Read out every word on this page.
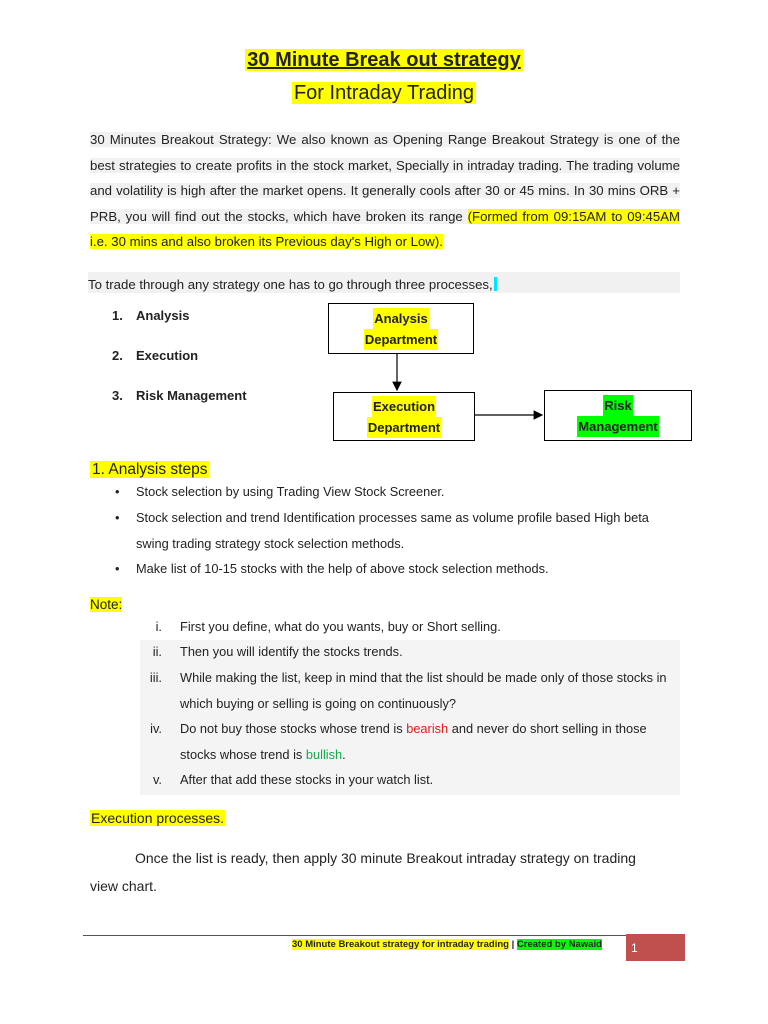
30 Minute Break out strategy
For Intraday Trading
30 Minutes Breakout Strategy: We also known as Opening Range Breakout Strategy is one of the best strategies to create profits in the stock market, Specially in intraday trading. The trading volume and volatility is high after the market opens. It generally cools after 30 or 45 mins. In 30 mins ORB + PRB, you will find out the stocks, which have broken its range (Formed from 09:15AM to 09:45AM i.e. 30 mins and also broken its Previous day's High or Low).
To trade through any strategy one has to go through three processes,
1. Analysis
2. Execution
3. Risk Management
Analysis
Department
Execution
Department
Risk
Management
1. Analysis steps
• Stock selection by using Trading View Stock Screener.
• Stock selection and trend Identification processes same as volume profile based High beta swing trading strategy stock selection methods.
• Make list of 10-15 stocks with the help of above stock selection methods.
Note:
i. First you define, what do you wants, buy or Short selling.
ii. Then you will identify the stocks trends.
iii. While making the list, keep in mind that the list should be made only of those stocks in which buying or selling is going on continuously?
iv. Do not buy those stocks whose trend is bearish and never do short selling in those stocks whose trend is bullish.
v. After that add these stocks in your watch list.
Execution processes.
Once the list is ready, then apply 30 minute Breakout intraday strategy on trading view chart.
30 Minute Breakout strategy for intraday trading | Created by Nawaid	1
